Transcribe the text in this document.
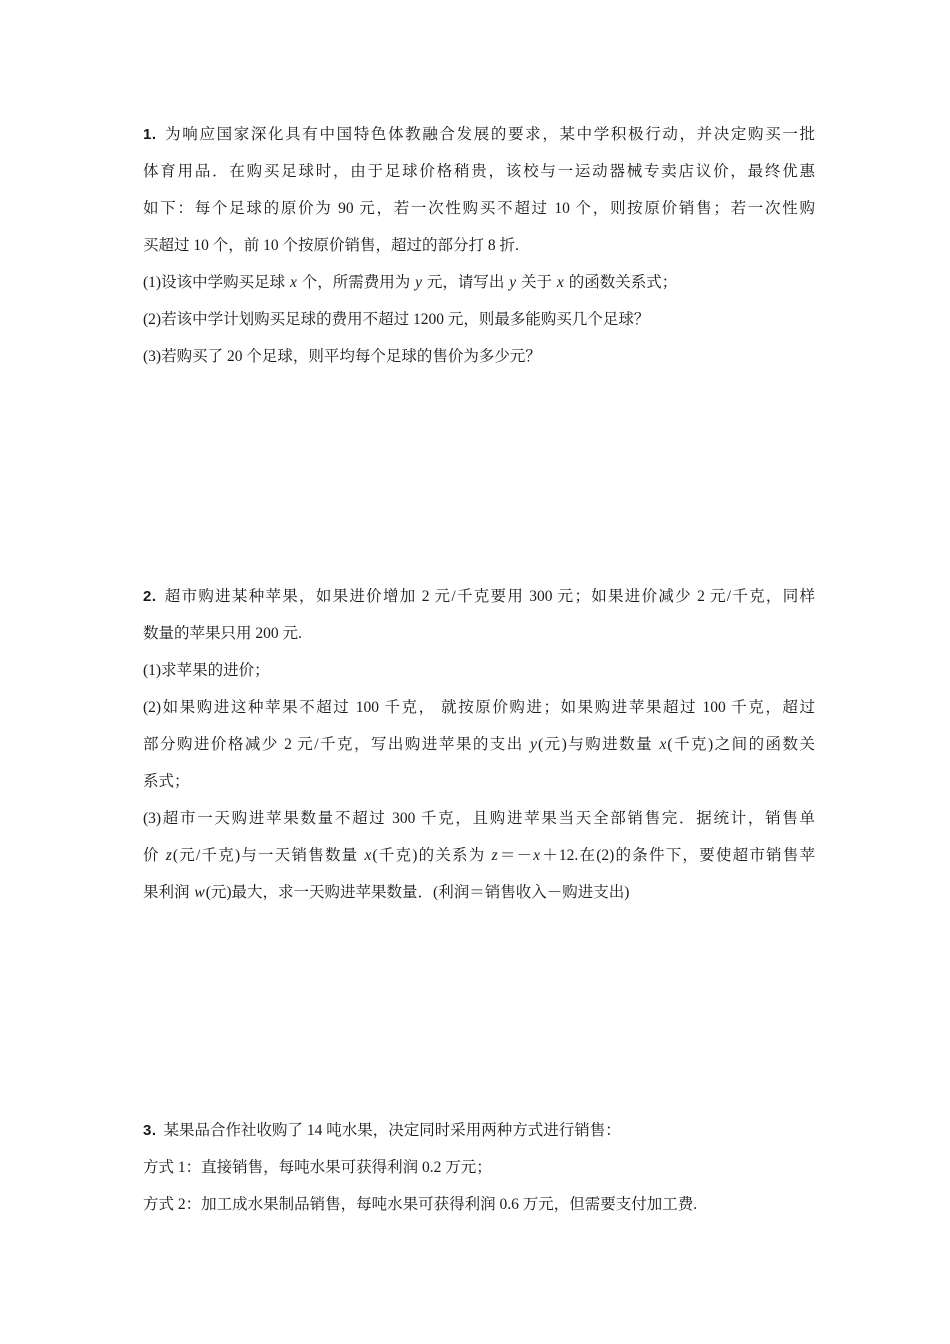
1. 为响应国家深化具有中国特色体教融合发展的要求，某中学积极行动，并决定购买一批
体育用品．在购买足球时，由于足球价格稍贵，该校与一运动器械专卖店议价，最终优惠
如下：每个足球的原价为 90 元，若一次性购买不超过 10 个，则按原价销售；若一次性购
买超过 10 个，前 10 个按原价销售，超过的部分打 8 折.
(1)设该中学购买足球 x 个，所需费用为 y 元，请写出 y 关于 x 的函数关系式；
(2)若该中学计划购买足球的费用不超过 1200 元，则最多能购买几个足球？
(3)若购买了 20 个足球，则平均每个足球的售价为多少元？
2. 超市购进某种苹果，如果进价增加 2 元/千克要用 300 元；如果进价减少 2 元/千克，同样
数量的苹果只用 200 元.
(1)求苹果的进价；
(2)如果购进这种苹果不超过 100 千克， 就按原价购进；如果购进苹果超过 100 千克，超过
部分购进价格减少 2 元/千克，写出购进苹果的支出 y(元)与购进数量 x(千克)之间的函数关
系式；
(3)超市一天购进苹果数量不超过 300 千克，且购进苹果当天全部销售完．据统计，销售单
价 z(元/千克)与一天销售数量 x(千克)的关系为 z＝－x＋12.在(2)的条件下，要使超市销售苹
果利润 w(元)最大，求一天购进苹果数量．(利润＝销售收入－购进支出)
3. 某果品合作社收购了 14 吨水果，决定同时采用两种方式进行销售：
方式 1：直接销售，每吨水果可获得利润 0.2 万元；
方式 2：加工成水果制品销售，每吨水果可获得利润 0.6 万元，但需要支付加工费.
